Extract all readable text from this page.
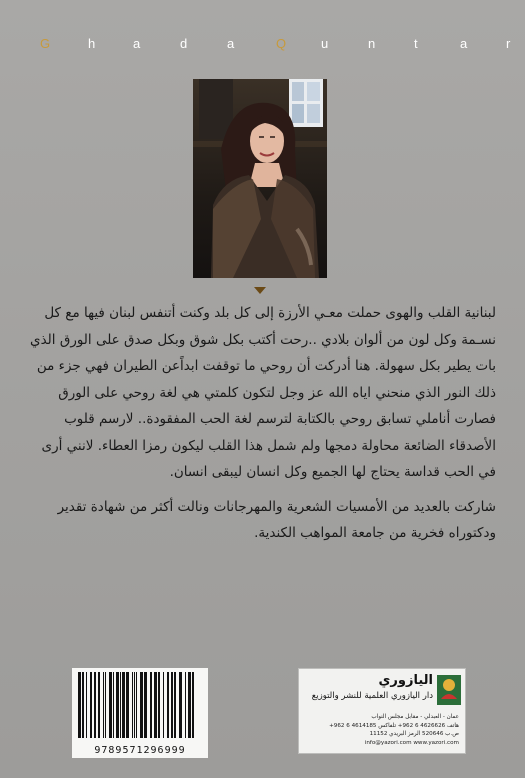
G	h	a	d	a	Q	u	n	t	a	r

لبنانية القلب والهوى حملت معـي الأرزة إلى كل بلد وكنت أتنفس لبنان فيها مع كل نسـمة وكل لون من ألوان بلادي ..رحت أكتب بكل شوق وبكل صدق على الورق الذي بات يطير بكل سهولة. هنا أدركت أن روحي ما توقفت ابداًعن الطيران فهي جزء من ذلك النور الذي منحني اياه الله عز وجل لتكون كلمتي هي لغة روحي على الورق فصارت أناملي تسابق روحي بالكتابة لترسم لغة الحب المفقودة.. لارسم قلوب الأصدقاء الضائعة محاولة دمجها ولم شمل هذا القلب ليكون رمزا العطاء. لانني أرى في الحب قداسة يحتاج لها الجميع وكل انسان ليبقى انسان.

شاركت بالعديد من الأمسيات الشعرية والمهرجانات ونالت أكثر من شهادة تقدير ودكتوراه فخرية من جامعة المواهب الكندية.

9789571296999
اليازوري
دار اليازوري العلمية للنشر والتوزيع
عمان - العبدلي - مقابل مجلس النواب
هاتف 4626626 6 962+ تلفاكس 4614185 6 962+
ص.ب 520646 الرمز البريدي 11152
info@yazori.com www.yazori.com
